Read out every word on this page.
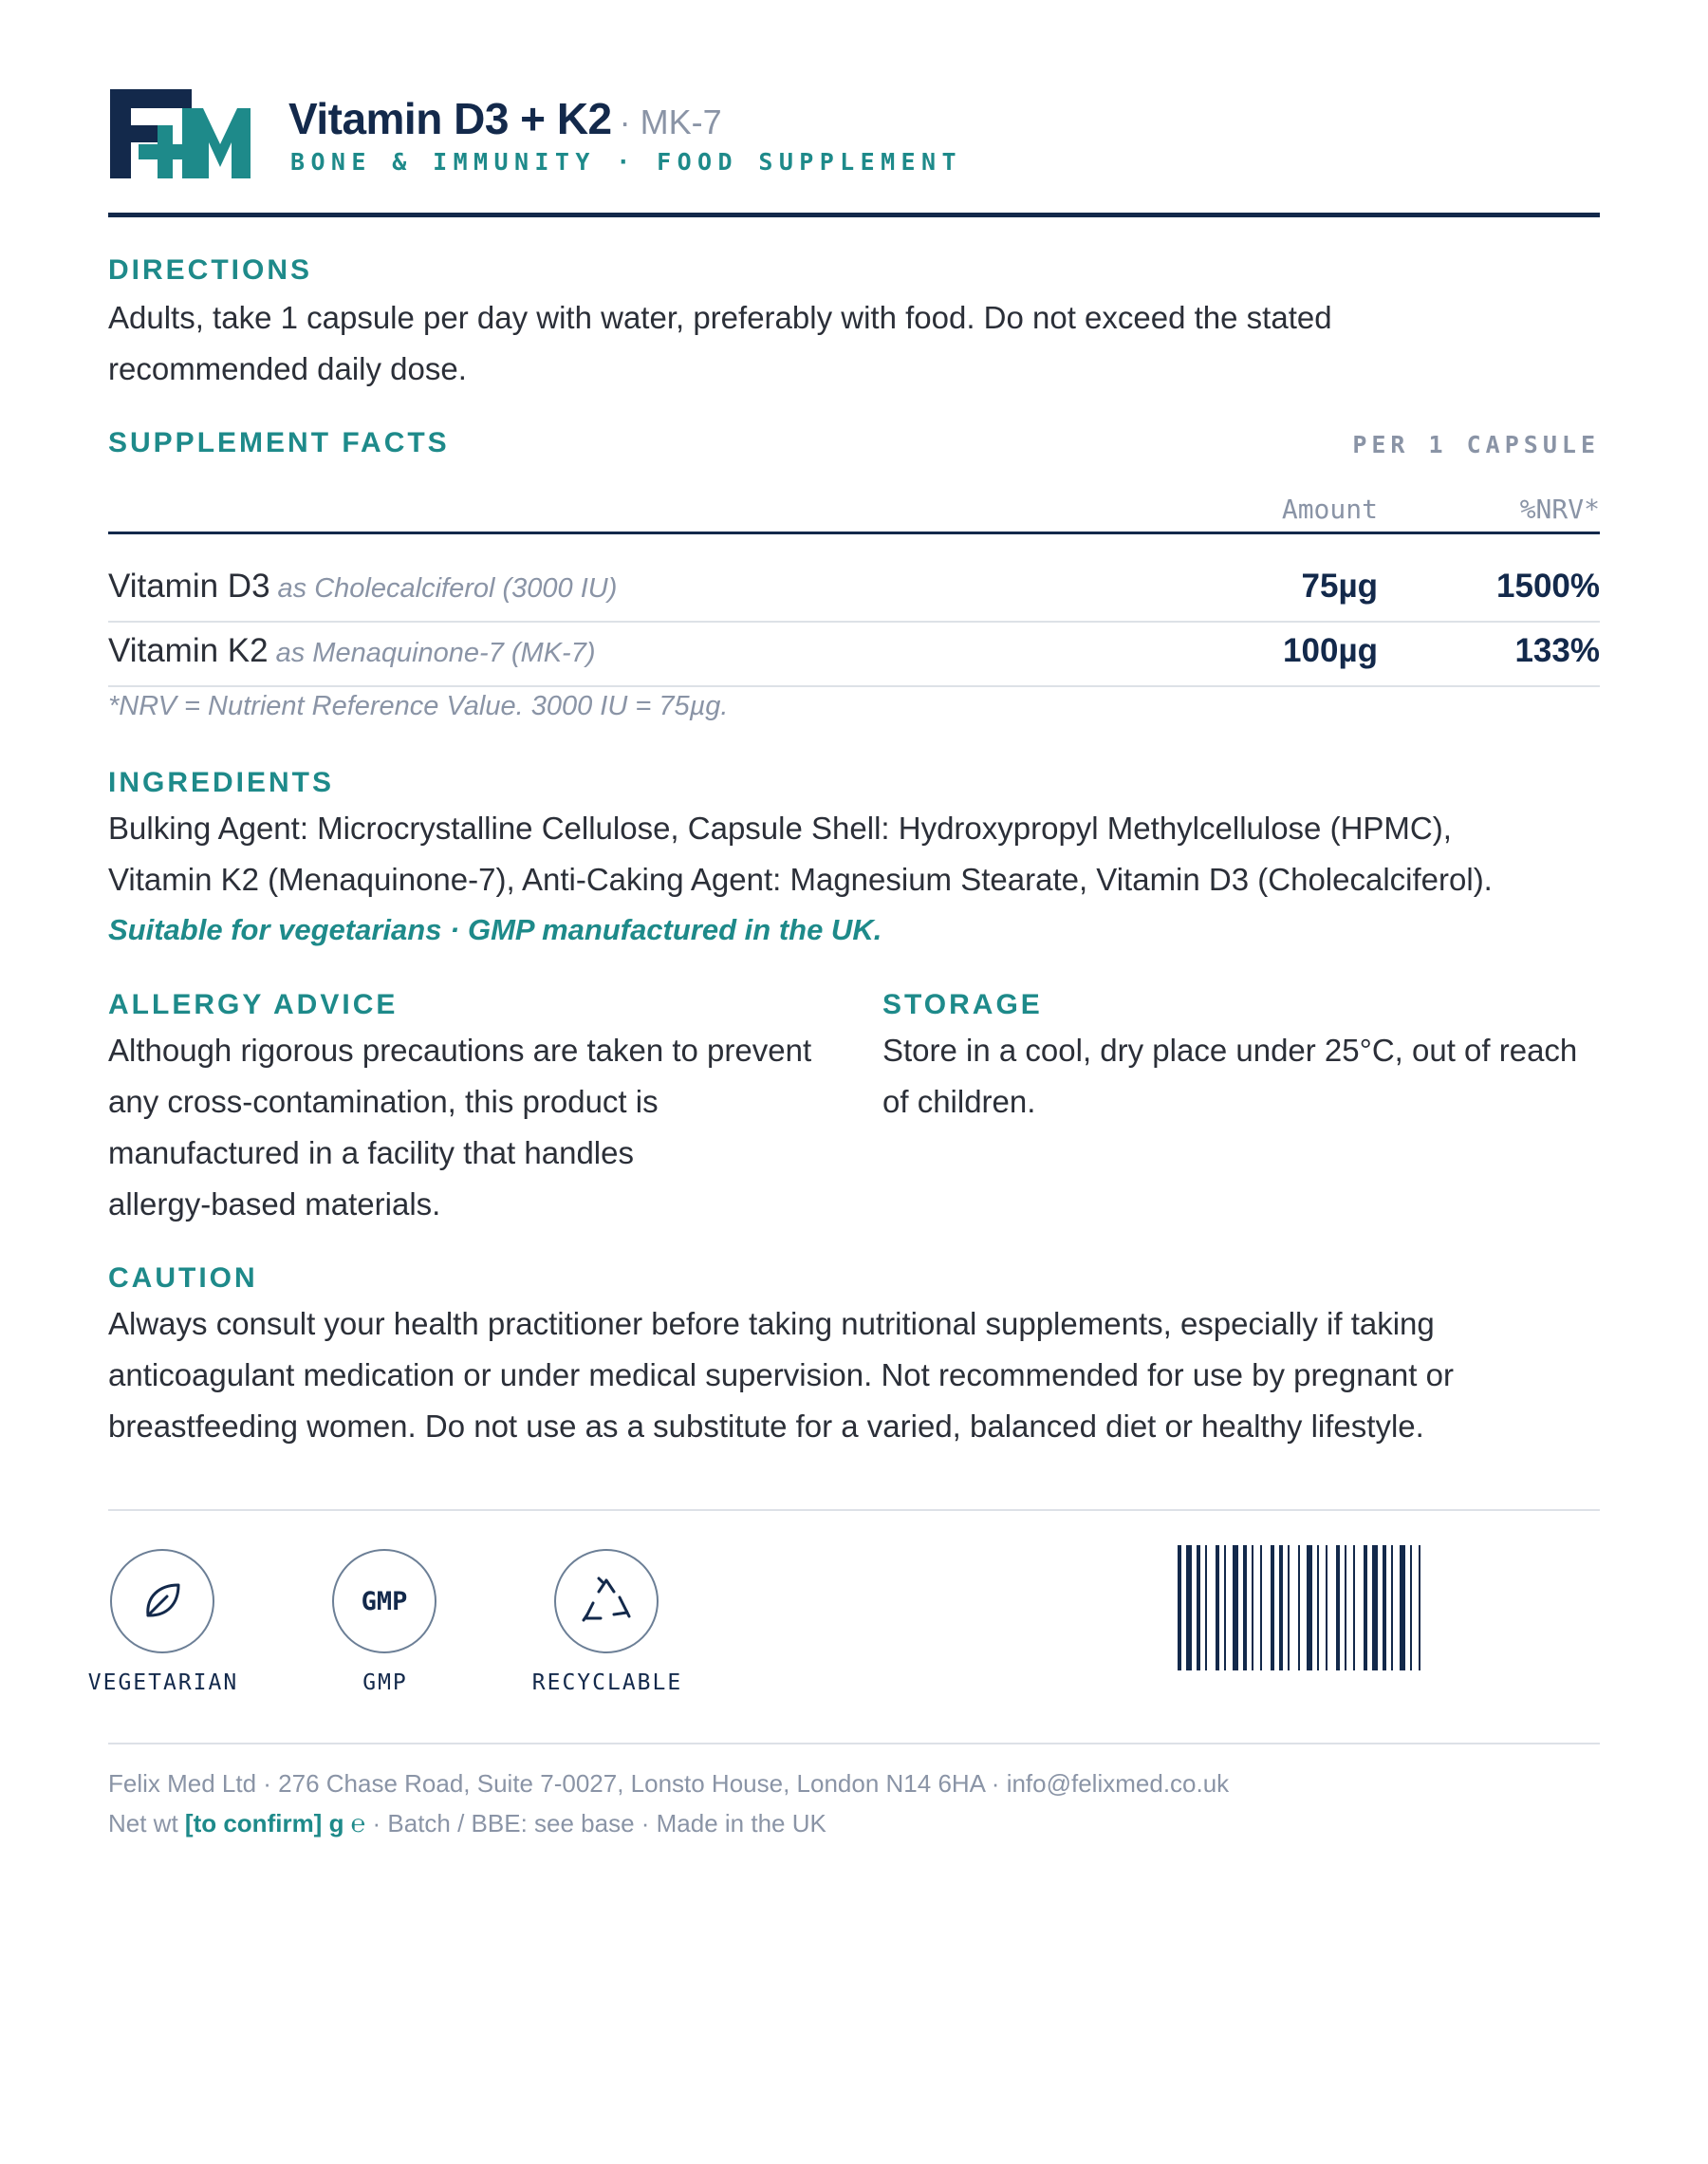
Vitamin D3 + K2 · MK-7
BONE & IMMUNITY · FOOD SUPPLEMENT
DIRECTIONS
Adults, take 1 capsule per day with water, preferably with food. Do not exceed the stated
recommended daily dose.
SUPPLEMENT FACTS	PER 1 CAPSULE
Amount	%NRV*
Vitamin D3 as Cholecalciferol (3000 IU)	75µg	1500%
Vitamin K2 as Menaquinone-7 (MK-7)	100µg	133%
*NRV = Nutrient Reference Value. 3000 IU = 75µg.
INGREDIENTS
Bulking Agent: Microcrystalline Cellulose, Capsule Shell: Hydroxypropyl Methylcellulose (HPMC),
Vitamin K2 (Menaquinone-7), Anti-Caking Agent: Magnesium Stearate, Vitamin D3 (Cholecalciferol).
Suitable for vegetarians · GMP manufactured in the UK.
ALLERGY ADVICE
Although rigorous precautions are taken to prevent
any cross-contamination, this product is
manufactured in a facility that handles
allergy-based materials.
STORAGE
Store in a cool, dry place under 25°C, out of reach
of children.
CAUTION
Always consult your health practitioner before taking nutritional supplements, especially if taking
anticoagulant medication or under medical supervision. Not recommended for use by pregnant or
breastfeeding women. Do not use as a substitute for a varied, balanced diet or healthy lifestyle.
VEGETARIAN
GMP
GMP	RECYCLABLE
Felix Med Ltd · 276 Chase Road, Suite 7-0027, Lonsto House, London N14 6HA · info@felixmed.co.uk
Net wt [to confirm] g ℮ · Batch / BBE: see base · Made in the UK
